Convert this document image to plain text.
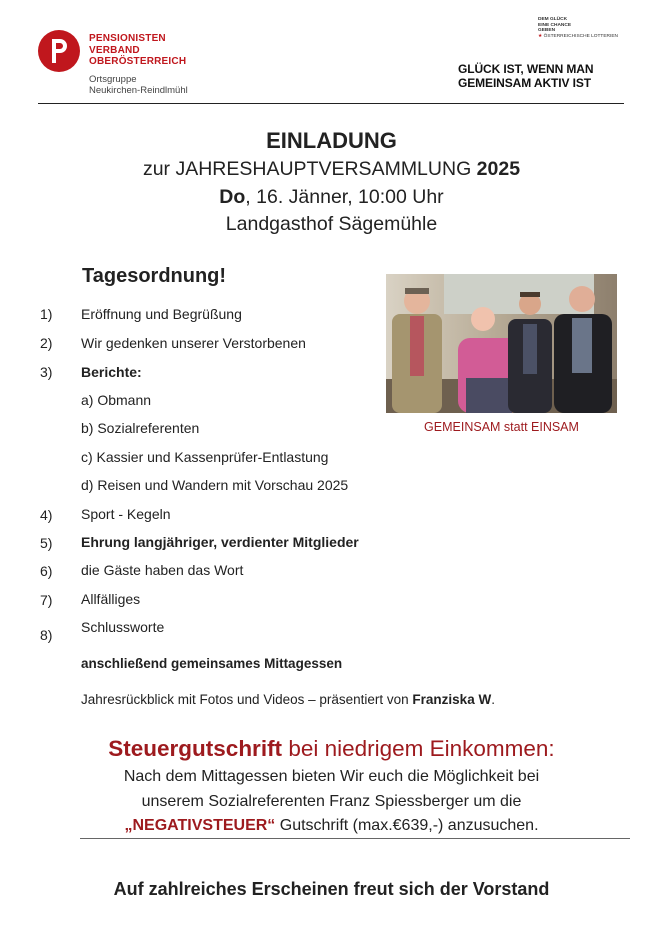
PENSIONISTEN
VERBAND
OBERÖSTERREICH
Ortsgruppe
Neukirchen-Reindlmühl
DEM GLÜCK
EINE CHANCE
GEBEN
★ ÖSTERREICHISCHE LOTTERIEN
GLÜCK IST, WENN MAN
GEMEINSAM AKTIV IST
EINLADUNG
zur JAHRESHAUPTVERSAMMLUNG 2025
Do, 16. Jänner, 10:00 Uhr
Landgasthof Sägemühle
Tagesordnung!
1) Eröffnung und Begrüßung
2) Wir gedenken unserer Verstorbenen
3) Berichte:
a) Obmann
b) Sozialreferenten
c) Kassier und Kassenprüfer-Entlastung
d) Reisen und Wandern mit Vorschau 2025
4) Sport - Kegeln
5) Ehrung langjähriger, verdienter Mitglieder
6) die Gäste haben das Wort
7) Allfälliges
8) Schlussworte
GEMEINSAM statt EINSAM
anschließend gemeinsames Mittagessen
Jahresrückblick mit Fotos und Videos – präsentiert von Franziska W.
Steuergutschrift bei niedrigem Einkommen:
Nach dem Mittagessen bieten Wir euch die Möglichkeit bei
unserem Sozialreferenten Franz Spiessberger um die
„NEGATIVSTEUER“ Gutschrift (max.€639,-) anzusuchen.
Auf zahlreiches Erscheinen freut sich der Vorstand
